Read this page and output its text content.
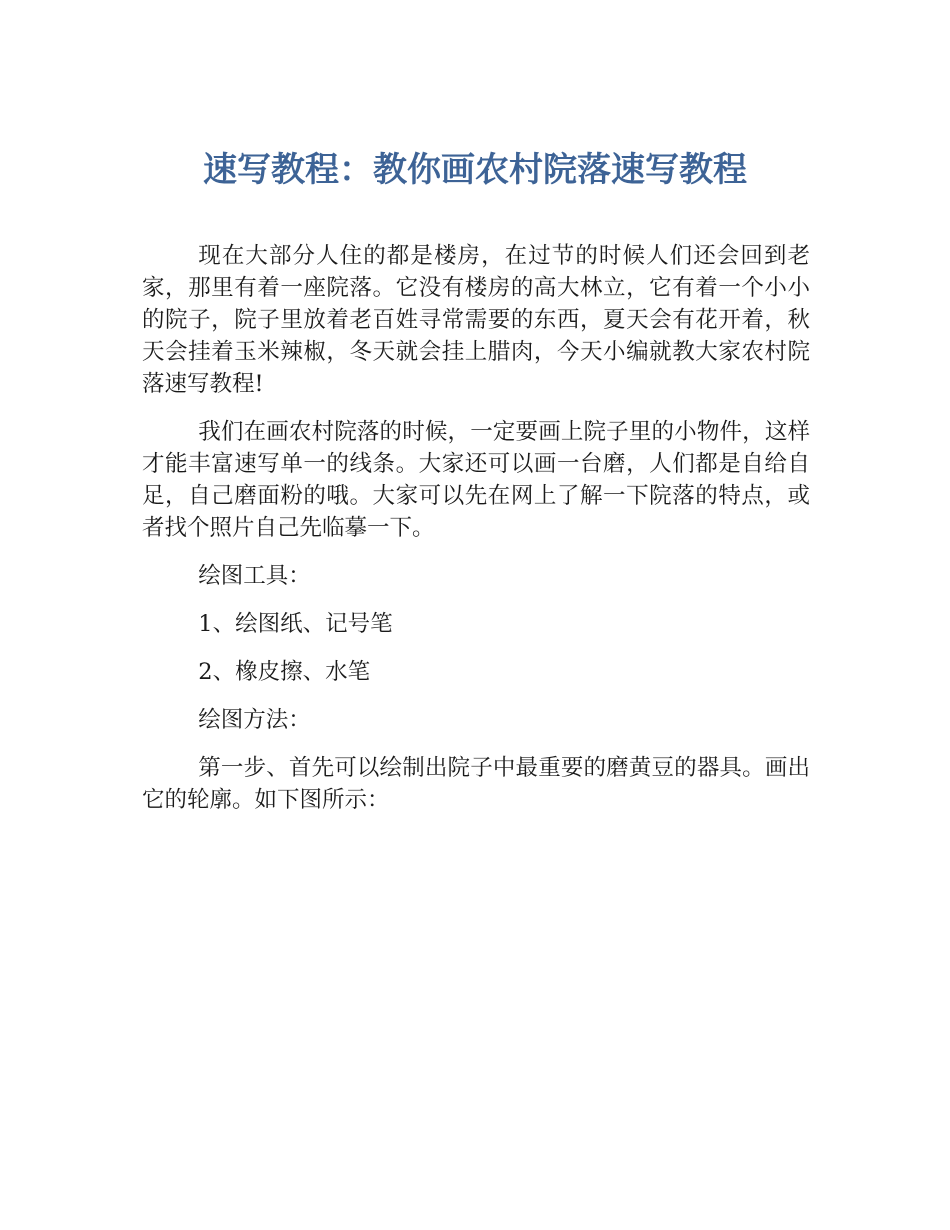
速写教程：教你画农村院落速写教程

现在大部分人住的都是楼房，在过节的时候人们还会回到老家，那里有着一座院落。它没有楼房的高大林立，它有着一个小小的院子，院子里放着老百姓寻常需要的东西，夏天会有花开着，秋天会挂着玉米辣椒，冬天就会挂上腊肉，今天小编就教大家农村院落速写教程!

我们在画农村院落的时候，一定要画上院子里的小物件，这样才能丰富速写单一的线条。大家还可以画一台磨，人们都是自给自足，自己磨面粉的哦。大家可以先在网上了解一下院落的特点，或者找个照片自己先临摹一下。

绘图工具：

1、绘图纸、记号笔

2、橡皮擦、水笔

绘图方法：

第一步、首先可以绘制出院子中最重要的磨黄豆的器具。画出它的轮廓。如下图所示：
